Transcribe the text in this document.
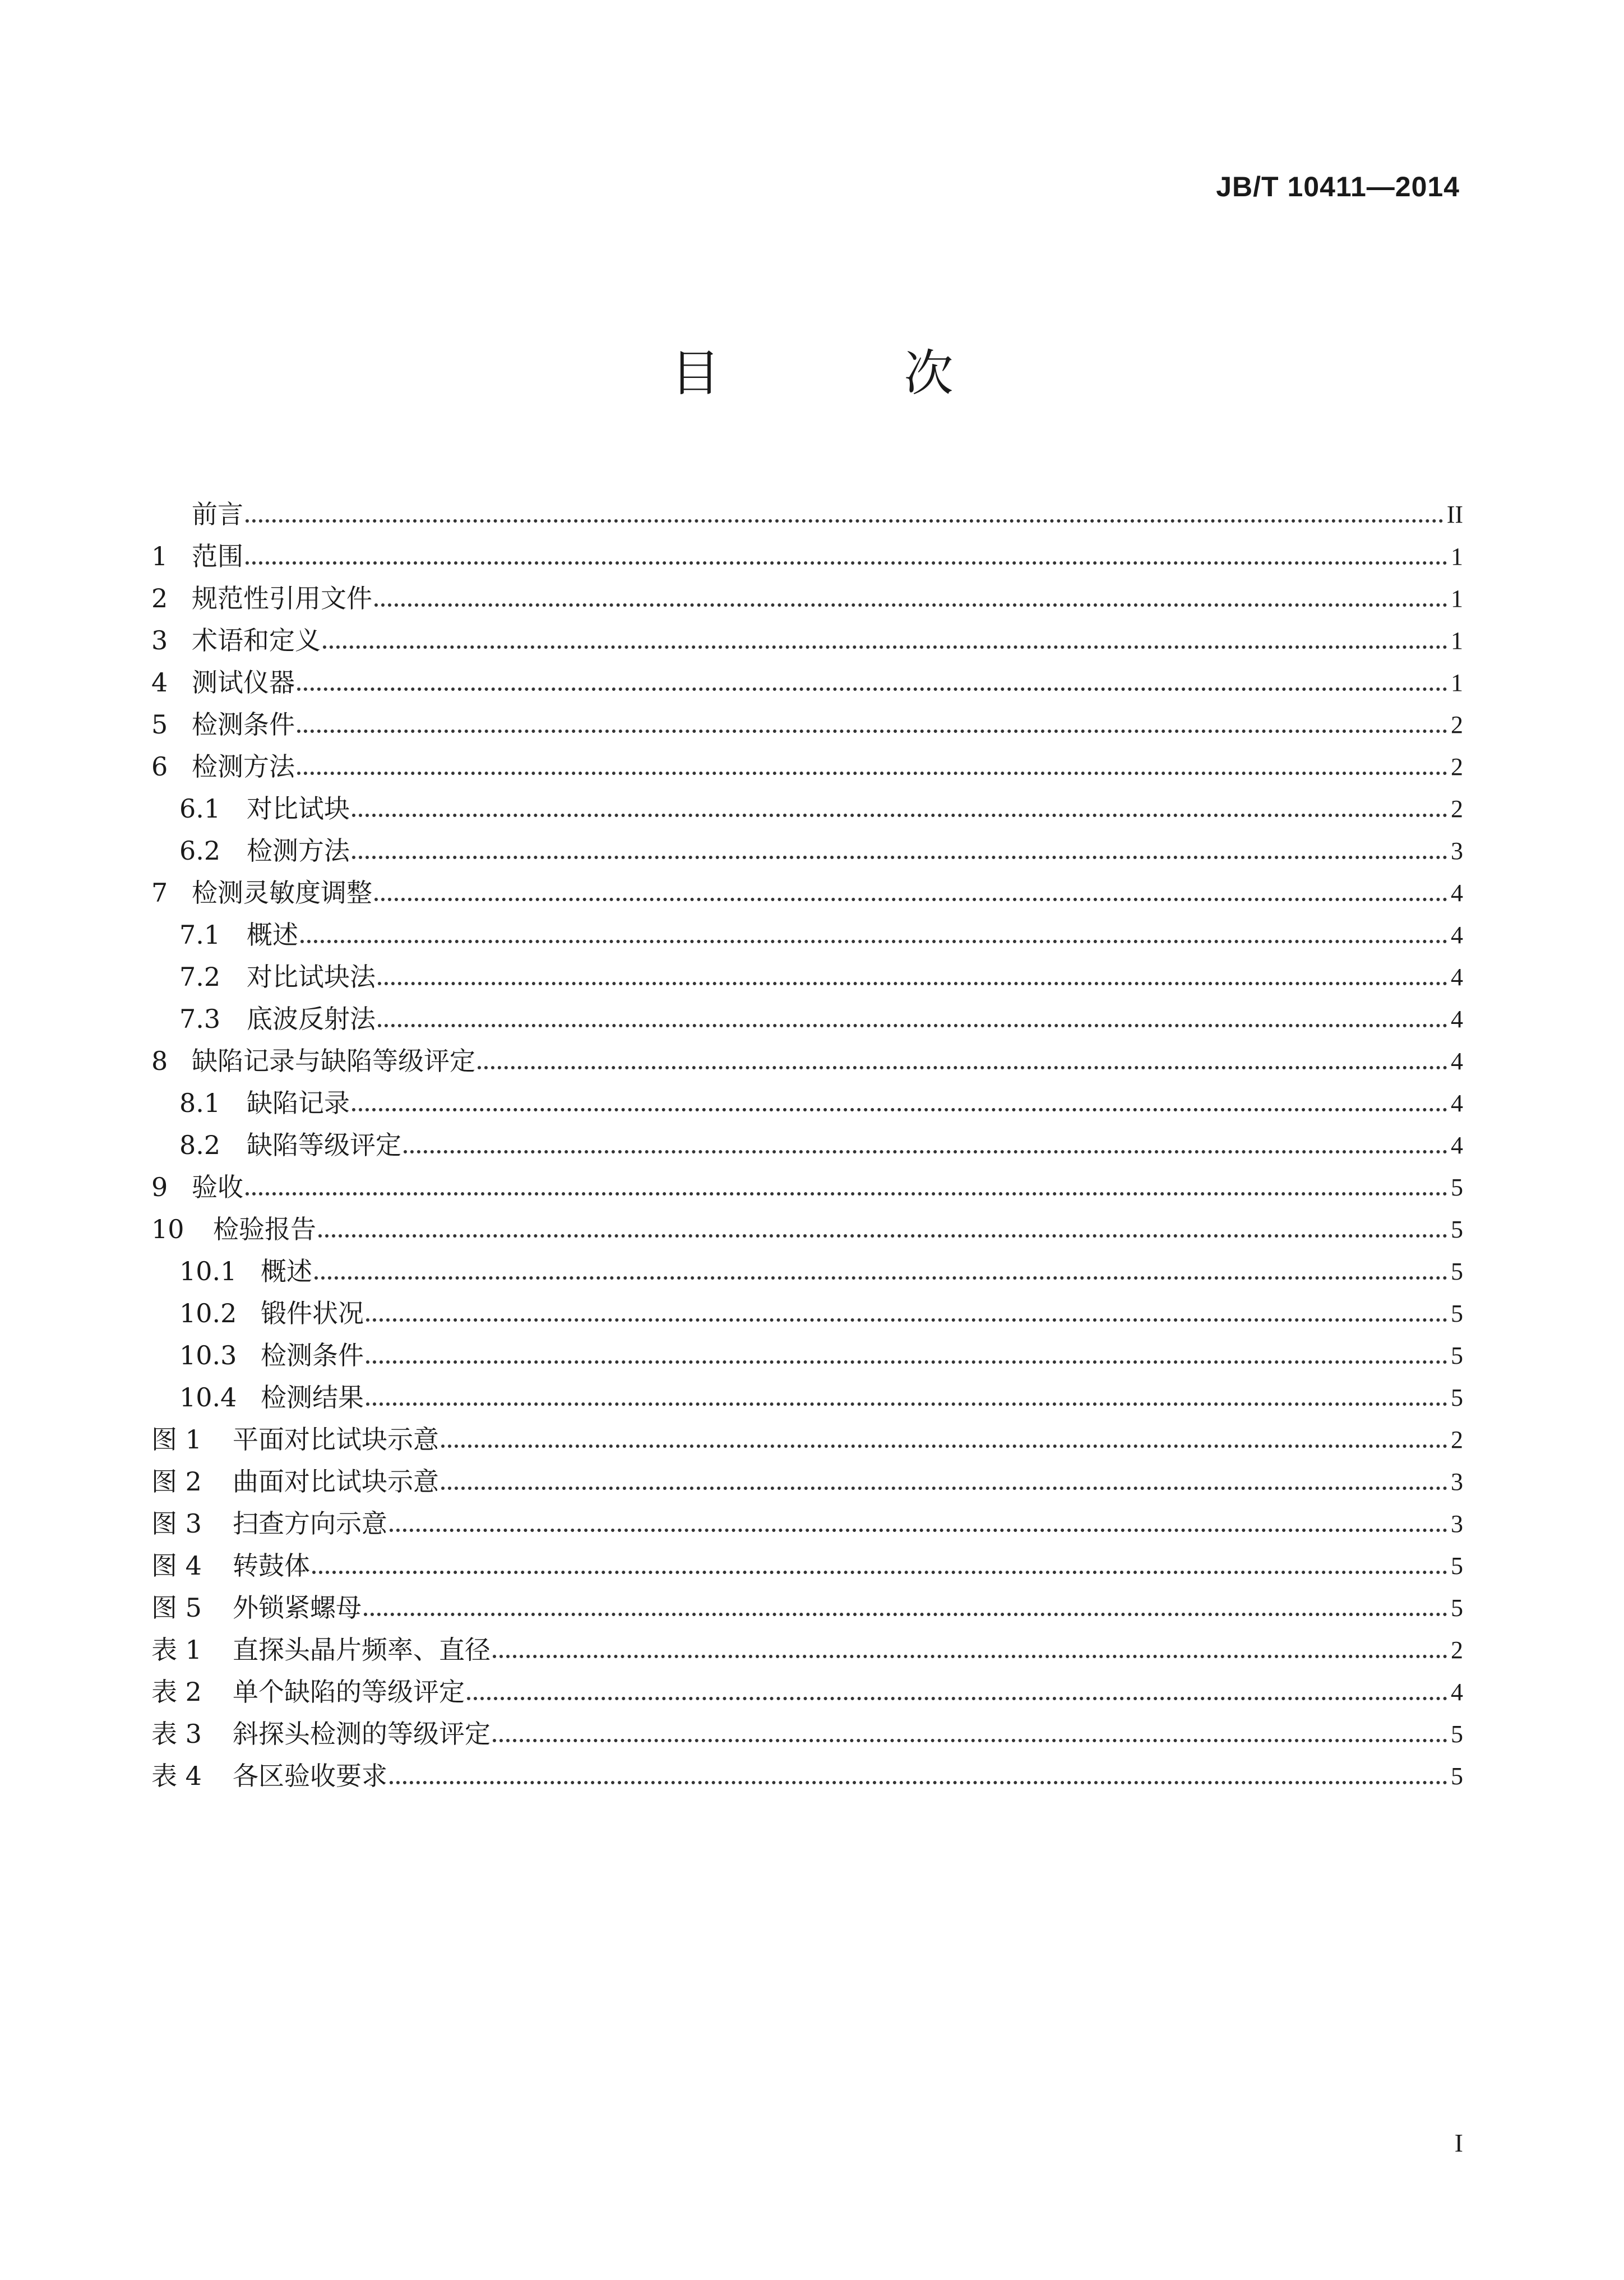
JB/T 10411—2014
目 次
前言	II
1 范围	1
2 规范性引用文件	1
3 术语和定义	1
4 测试仪器	1
5 检测条件	2
6 检测方法	2
6.1 对比试块	2
6.2 检测方法	3
7 检测灵敏度调整	4
7.1 概述	4
7.2 对比试块法	4
7.3 底波反射法	4
8 缺陷记录与缺陷等级评定	4
8.1 缺陷记录	4
8.2 缺陷等级评定	4
9 验收	5
10 检验报告	5
10.1 概述	5
10.2 锻件状况	5
10.3 检测条件	5
10.4 检测结果	5
图 1 平面对比试块示意	2
图 2 曲面对比试块示意	3
图 3 扫查方向示意	3
图 4 转鼓体	5
图 5 外锁紧螺母	5
表 1 直探头晶片频率、直径	2
表 2 单个缺陷的等级评定	4
表 3 斜探头检测的等级评定	5
表 4 各区验收要求	5
I
